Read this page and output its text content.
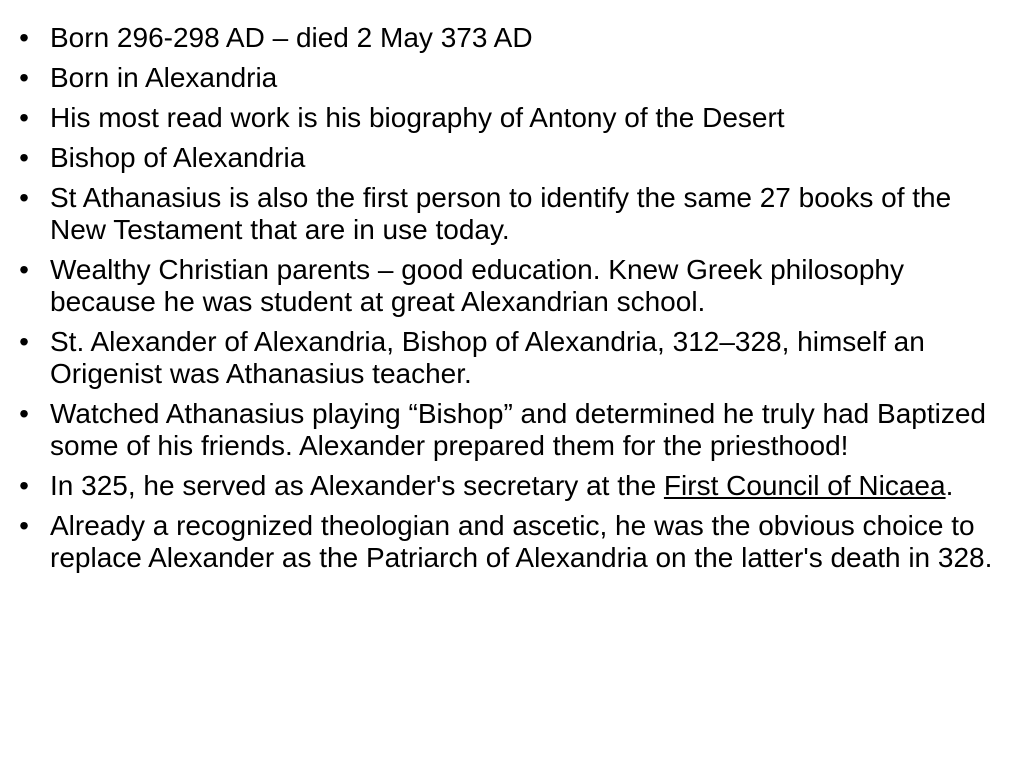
• Born 296-298 AD – died 2 May 373 AD
• Born in Alexandria
• His most read work is his biography of Antony of the Desert
• Bishop of Alexandria
• St Athanasius is also the first person to identify the same 27 books of the New Testament that are in use today.
• Wealthy Christian parents – good education. Knew Greek philosophy because he was student at great Alexandrian school.
• St. Alexander of Alexandria, Bishop of Alexandria, 312–328, himself an Origenist was Athanasius teacher.
• Watched Athanasius playing “Bishop” and determined he truly had Baptized some of his friends. Alexander prepared them for the priesthood!
• In 325, he served as Alexander's secretary at the First Council of Nicaea.
• Already a recognized theologian and ascetic, he was the obvious choice to replace Alexander as the Patriarch of Alexandria on the latter's death in 328.
